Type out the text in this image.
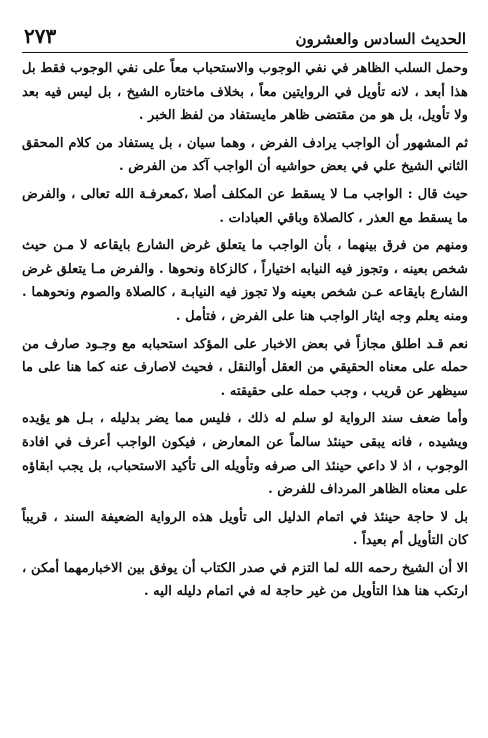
الحديث السادس والعشرون
٢٧٣

وحمل السلب الظاهر في نفي الوجوب والاستحباب معاً على نفي الوجوب فقط بل هذا أبعد ، لانه تأويل في الروايتين معاً ، بخلاف ماختاره الشيخ ، بل ليس فيه بعد ولا تأويل، بل هو من مقتضى ظاهر مايستفاد من لفظ الخبر .

ثم المشهور أن الواجب يرادف الفرض ، وهما سيان ، بل يستفاد من كلام المحقق الثاني الشيخ علي في بعض حواشيه أن الواجب آكد من الفرض .

حيث قال : الواجب مـا لا يسقط عن المكلف أصلا ،كمعرفـة الله تعالى ، والفرض ما يسقط مع العذر ، كالصلاة وباقي العبادات .

ومنهم من فرق بينهما ، بأن الواجب ما يتعلق غرض الشارع بايقاعه لا مـن حيث شخص بعينه ، وتجوز فيه النيابه اختياراً ، كالزكاة ونحوها . والفرض مـا يتعلق غرض الشارع بايقاعه عـن شخص بعينه ولا تجوز فيه النيابـة ، كالصلاة والصوم ونحوهما . ومنه يعلم وجه ايثار الواجب هنا على الفرض ، فتأمل .

نعم قـد اطلق مجازاً في بعض الاخبار على المؤكد استحبابه مع وجـود صارف من حمله على معناه الحقيقي من العقل أوالنقل ، فحيث لاصارف عنه كما هنا على ما سيظهر عن قريب ، وجب حمله على حقيقته .

وأما ضعف سند الرواية لو سلم له ذلك ، فليس مما يضر بدليله ، بـل هو يؤيده ويشيده ، فانه يبقى حينئذ سالماً عن المعارض ، فيكون الواجب أعرف في افادة الوجوب ، اذ لا داعي حينئذ الى صرفه وتأويله الى تأكيد الاستحباب، بل يجب ابقاؤه على معناه الظاهر المرداف للفرض .

بل لا حاجة حينئذ في اتمام الدليل الى تأويل هذه الرواية الضعيفة السند ، قريباً كان التأويل أم بعيداً .

الا أن الشيخ رحمه الله لما التزم في صدر الكتاب أن يوفق بين الاخبارمهما أمكن ، ارتكب هنا هذا التأويل من غير حاجة له في اتمام دليله اليه .
